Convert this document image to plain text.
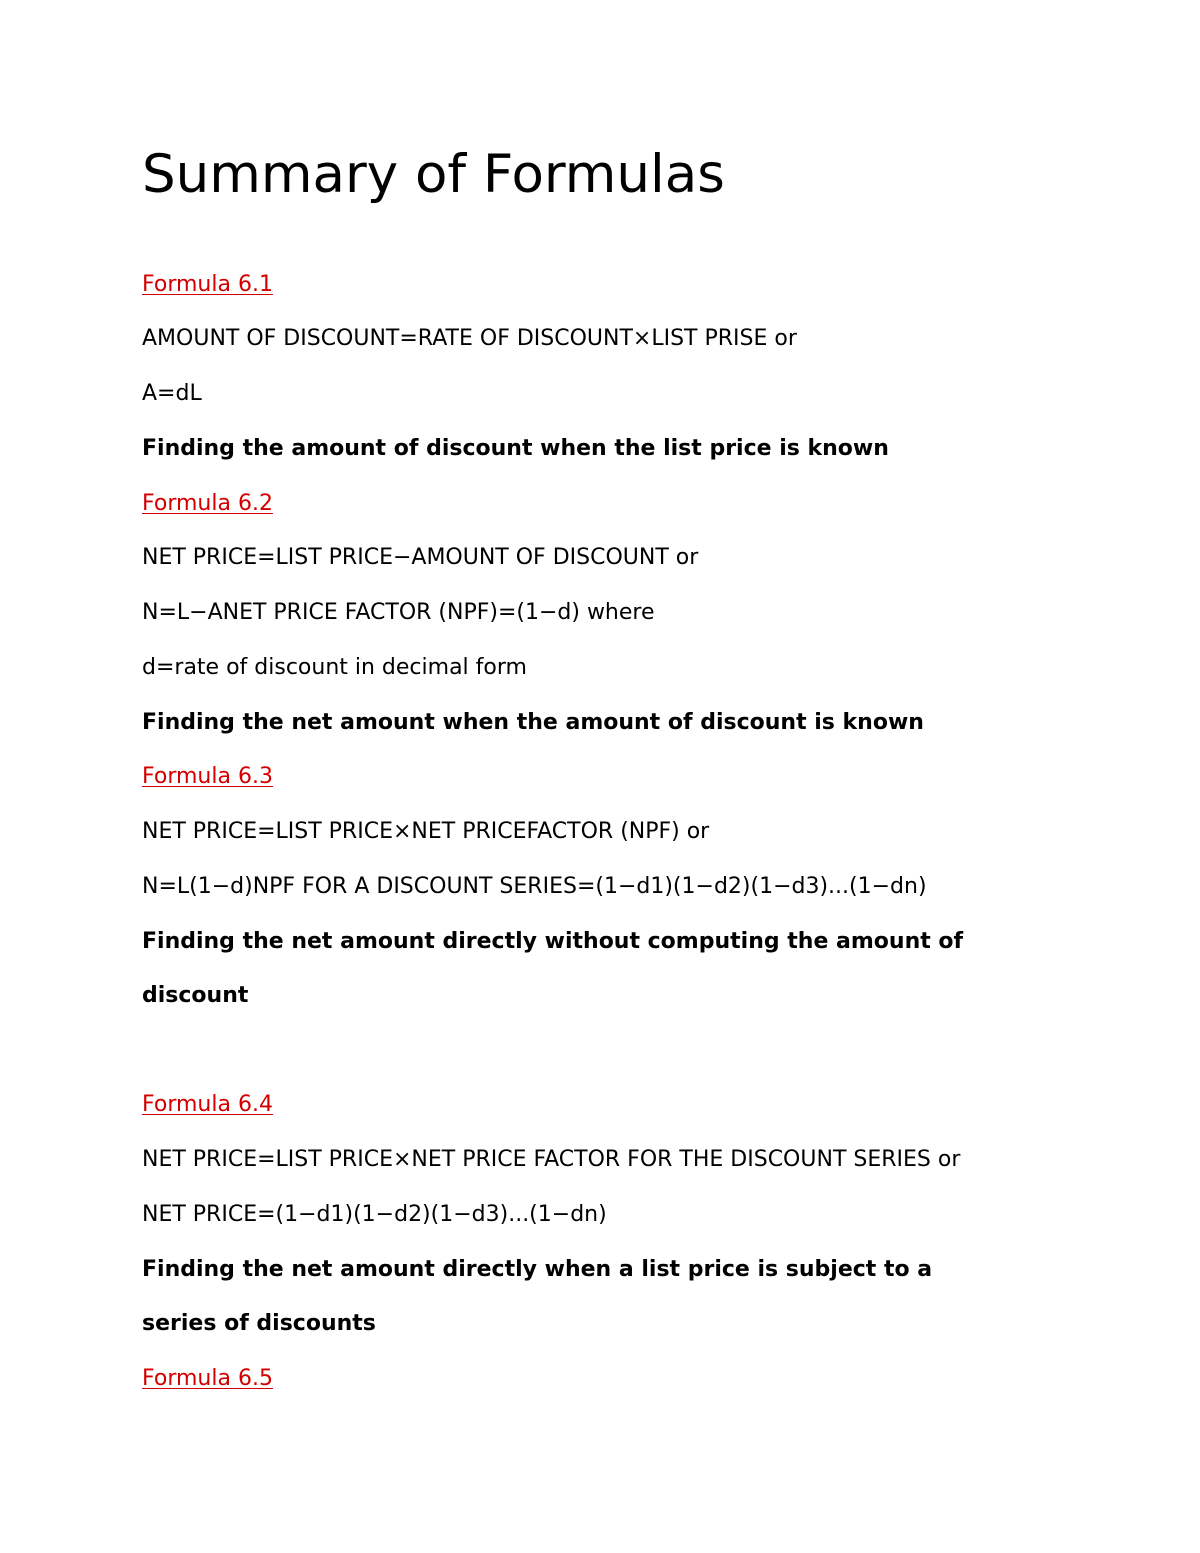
Summary of Formulas
Formula 6.1
AMOUNT OF DISCOUNT=RATE OF DISCOUNT×LIST PRISE or
A=dL
Finding the amount of discount when the list price is known
Formula 6.2
NET PRICE=LIST PRICE−AMOUNT OF DISCOUNT or
N=L−ANET PRICE FACTOR (NPF)=(1−d) where
d=rate of discount in decimal form
Finding the net amount when the amount of discount is known
Formula 6.3
NET PRICE=LIST PRICE×NET PRICEFACTOR (NPF) or
N=L(1−d)NPF FOR A DISCOUNT SERIES=(1−d1)(1−d2)(1−d3)...(1−dn)
Finding the net amount directly without computing the amount of
discount
Formula 6.4
NET PRICE=LIST PRICE×NET PRICE FACTOR FOR THE DISCOUNT SERIES or
NET PRICE=(1−d1)(1−d2)(1−d3)...(1−dn)
Finding the net amount directly when a list price is subject to a
series of discounts
Formula 6.5
